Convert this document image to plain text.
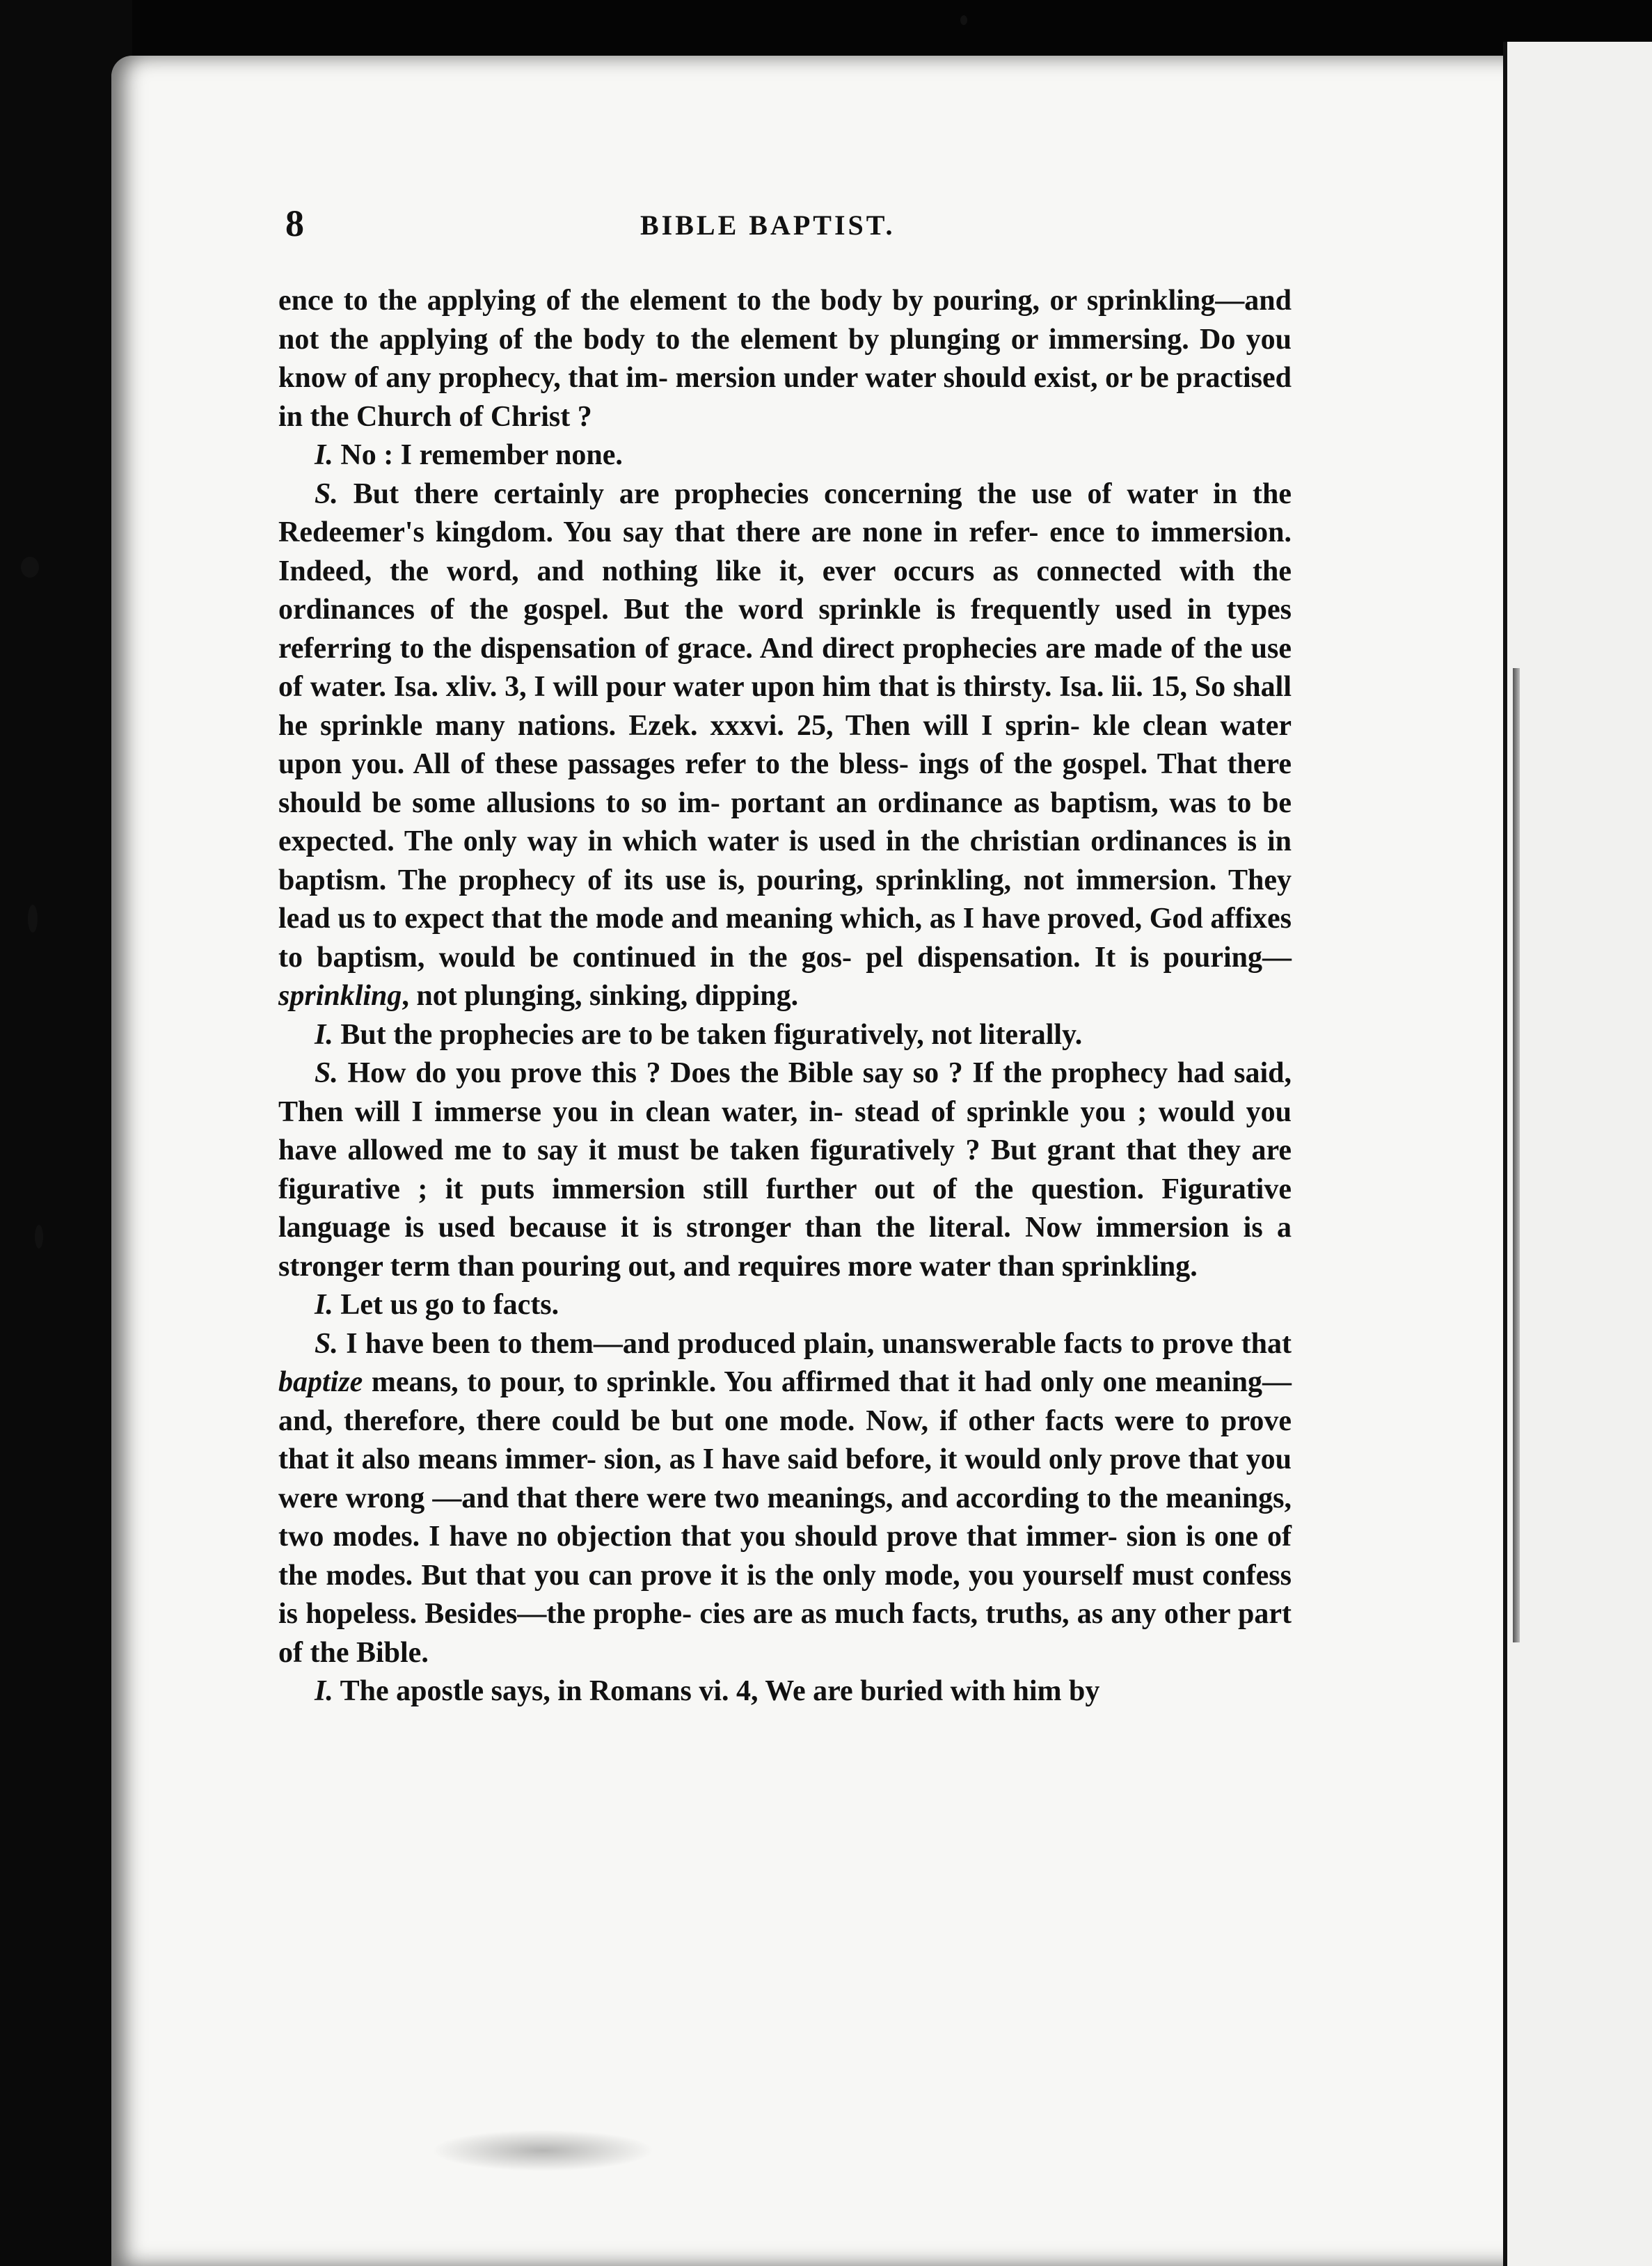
8	BIBLE BAPTIST.

ence to the applying of the element to the body by pouring, or sprinkling—and not the applying of the body to the element by plunging or immersing. Do you know of any prophecy, that im- mersion under water should exist, or be practised in the Church of Christ ?

I. No : I remember none.

S. But there certainly are prophecies concerning the use of water in the Redeemer's kingdom. You say that there are none in refer- ence to immersion. Indeed, the word, and nothing like it, ever occurs as connected with the ordinances of the gospel. But the word sprinkle is frequently used in types referring to the dispensation of grace. And direct prophecies are made of the use of water. Isa. xliv. 3, I will pour water upon him that is thirsty. Isa. lii. 15, So shall he sprinkle many nations. Ezek. xxxvi. 25, Then will I sprin- kle clean water upon you. All of these passages refer to the bless- ings of the gospel. That there should be some allusions to so im- portant an ordinance as baptism, was to be expected. The only way in which water is used in the christian ordinances is in baptism. The prophecy of its use is, pouring, sprinkling, not immersion. They lead us to expect that the mode and meaning which, as I have proved, God affixes to baptism, would be continued in the gos- pel dispensation. It is pouring—sprinkling, not plunging, sinking, dipping.

I. But the prophecies are to be taken figuratively, not literally.

S. How do you prove this ? Does the Bible say so ? If the prophecy had said, Then will I immerse you in clean water, in- stead of sprinkle you ; would you have allowed me to say it must be taken figuratively ? But grant that they are figurative ; it puts immersion still further out of the question. Figurative language is used because it is stronger than the literal. Now immersion is a stronger term than pouring out, and requires more water than sprinkling.

I. Let us go to facts.

S. I have been to them—and produced plain, unanswerable facts to prove that baptize means, to pour, to sprinkle. You affirmed that it had only one meaning—and, therefore, there could be but one mode. Now, if other facts were to prove that it also means immer- sion, as I have said before, it would only prove that you were wrong —and that there were two meanings, and according to the meanings, two modes. I have no objection that you should prove that immer- sion is one of the modes. But that you can prove it is the only mode, you yourself must confess is hopeless. Besides—the prophe- cies are as much facts, truths, as any other part of the Bible.

I. The apostle says, in Romans vi. 4, We are buried with him by
